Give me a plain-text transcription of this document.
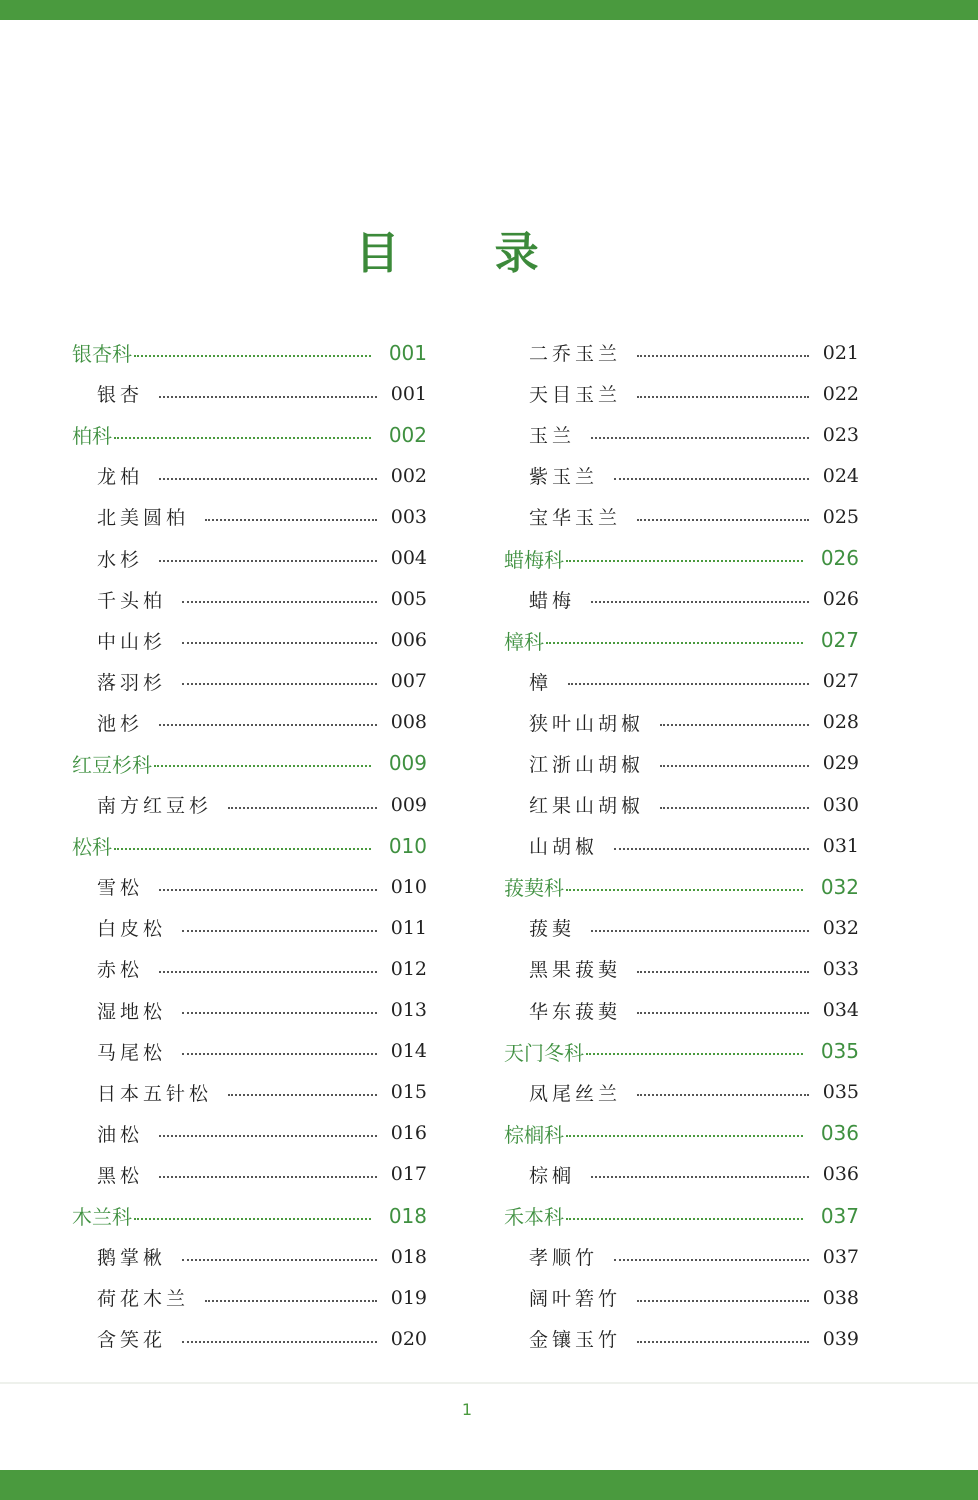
目 录
银杏科	001
银杏	001
柏科	002
龙柏	002
北美圆柏	003
水杉	004
千头柏	005
中山杉	006
落羽杉	007
池杉	008
红豆杉科	009
南方红豆杉	009
松科	010
雪松	010
白皮松	011
赤松	012
湿地松	013
马尾松	014
日本五针松	015
油松	016
黑松	017
木兰科	018
鹅掌楸	018
荷花木兰	019
含笑花	020
二乔玉兰	021
天目玉兰	022
玉兰	023
紫玉兰	024
宝华玉兰	025
蜡梅科	026
蜡梅	026
樟科	027
樟	027
狭叶山胡椒	028
江浙山胡椒	029
红果山胡椒	030
山胡椒	031
菝葜科	032
菝葜	032
黑果菝葜	033
华东菝葜	034
天门冬科	035
凤尾丝兰	035
棕榈科	036
棕榈	036
禾本科	037
孝顺竹	037
阔叶箬竹	038
金镶玉竹	039
1
